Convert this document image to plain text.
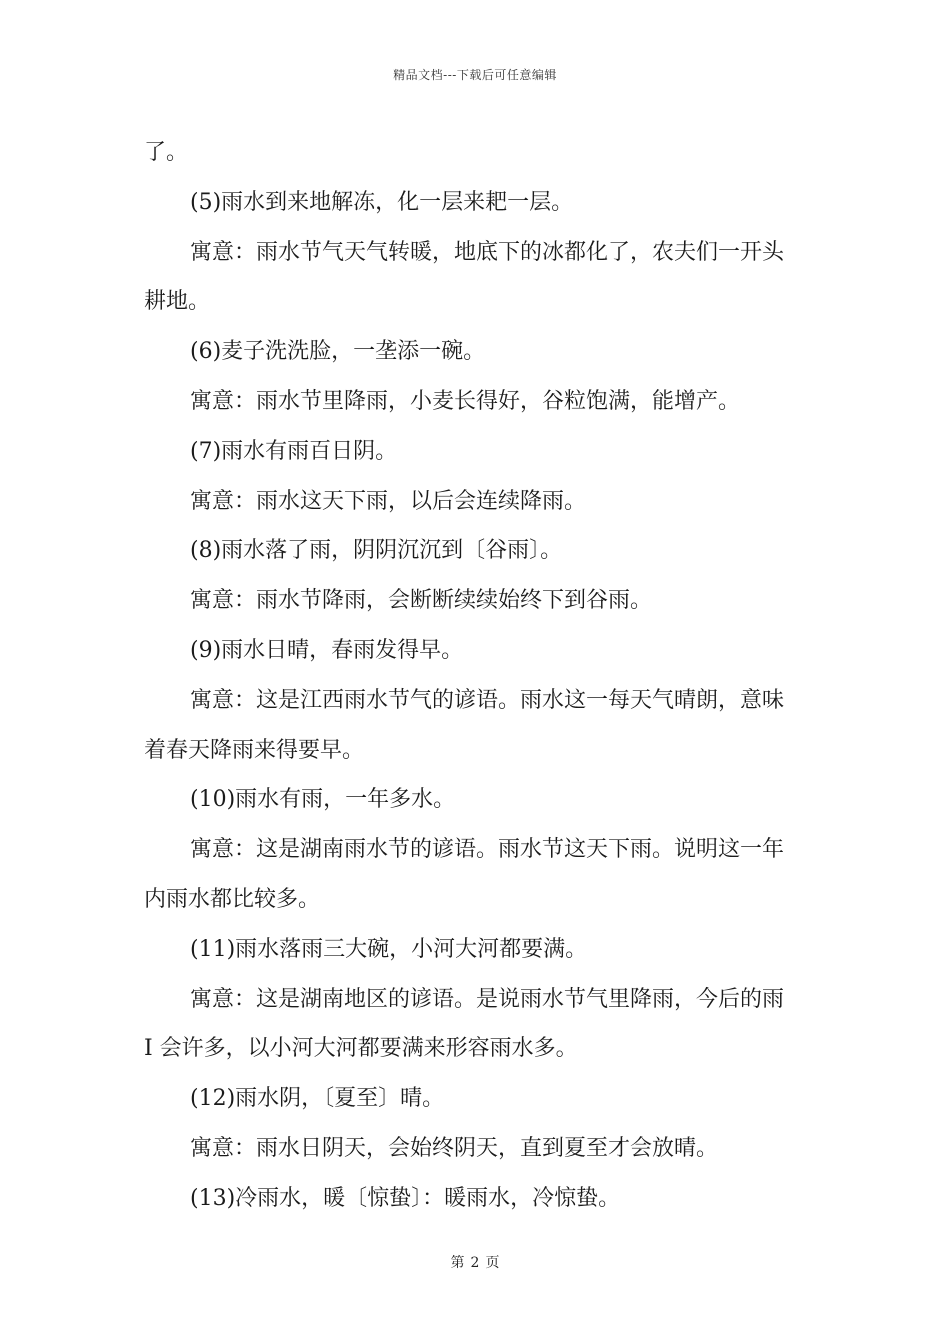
精品文档---下载后可任意编辑

了。

(5)雨水到来地解冻，化一层来耙一层。

寓意：雨水节气天气转暖，地底下的冰都化了，农夫们一开头

耕地。

(6)麦子洗洗脸，一垄添一碗。

寓意：雨水节里降雨，小麦长得好，谷粒饱满，能增产。

(7)雨水有雨百日阴。

寓意：雨水这天下雨，以后会连续降雨。

(8)雨水落了雨，阴阴沉沉到〔谷雨〕。

寓意：雨水节降雨，会断断续续始终下到谷雨。

(9)雨水日晴，春雨发得早。

寓意：这是江西雨水节气的谚语。雨水这一每天气晴朗，意味

着春天降雨来得要早。

(10)雨水有雨，一年多水。

寓意：这是湖南雨水节的谚语。雨水节这天下雨。说明这一年

内雨水都比较多。

(11)雨水落雨三大碗，小河大河都要满。

寓意：这是湖南地区的谚语。是说雨水节气里降雨，今后的雨

I 会许多，以小河大河都要满来形容雨水多。

(12)雨水阴，〔夏至〕晴。

寓意：雨水日阴天，会始终阴天，直到夏至才会放晴。

(13)冷雨水，暖〔惊蛰〕：暖雨水，冷惊蛰。

第 2 页
